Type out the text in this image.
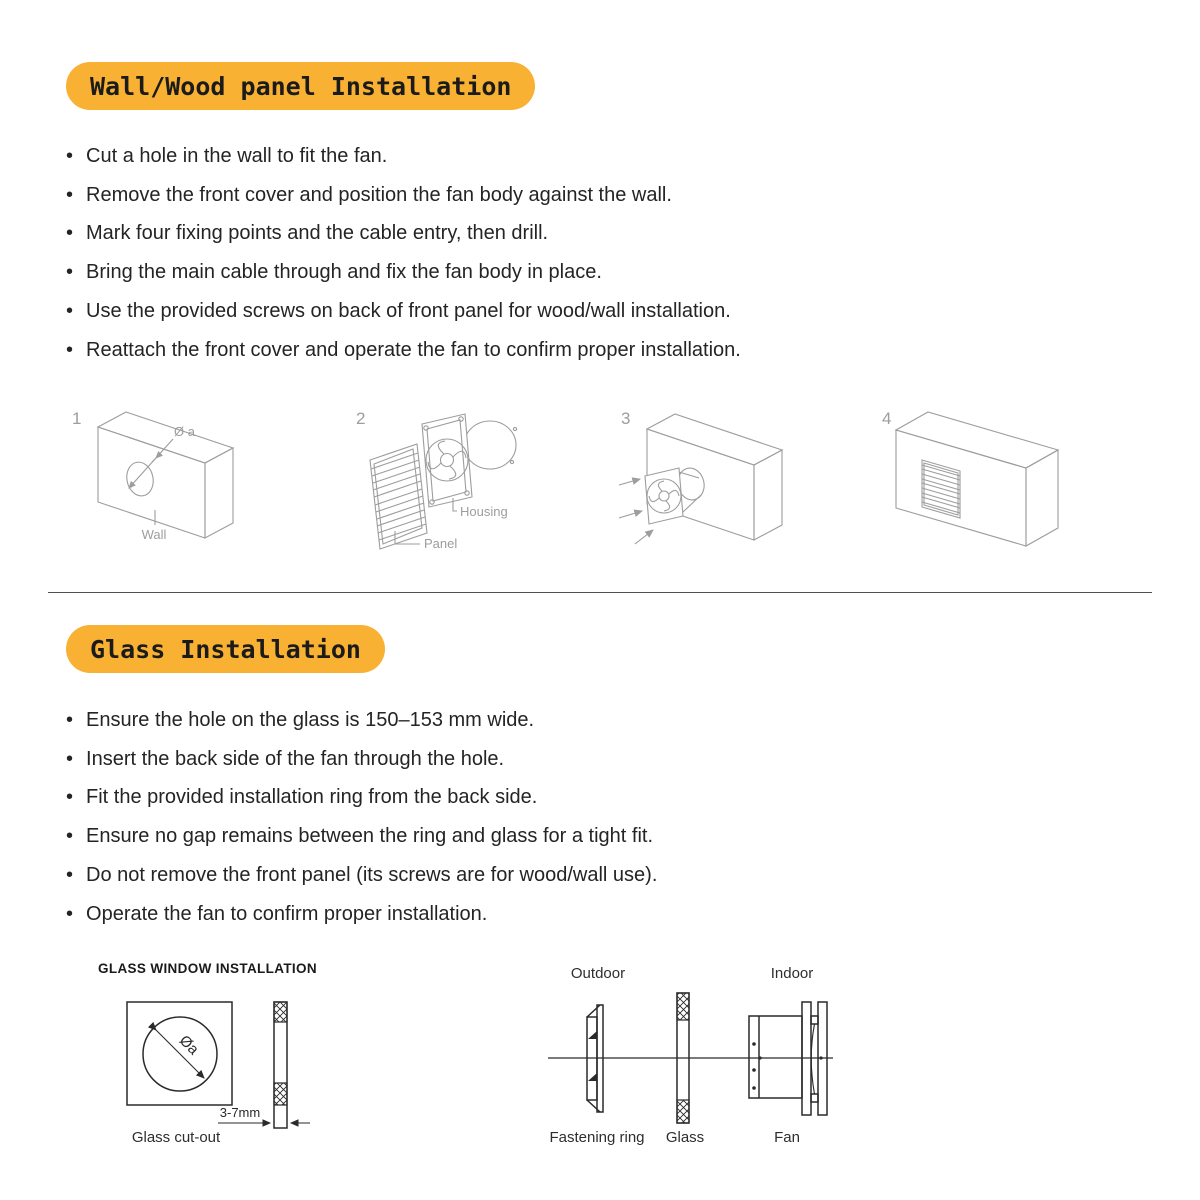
Wall/Wood panel Installation
• Cut a hole in the wall to fit the fan.
• Remove the front cover and position the fan body against the wall.
• Mark four fixing points and the cable entry, then drill.
• Bring the main cable through and fix the fan body in place.
• Use the provided screws on back of front panel for wood/wall installation.
• Reattach the front cover and operate the fan to confirm proper installation.
1
Ø a
Wall
2
Housing
Panel
3	4
Glass Installation
• Ensure the hole on the glass is 150–153 mm wide.
• Insert the back side of the fan through the hole.
• Fit the provided installation ring from the back side.
• Ensure no gap remains between the ring and glass for a tight fit.
• Do not remove the front panel (its screws are for wood/wall use).
• Operate the fan to confirm proper installation.
GLASS WINDOW INSTALLATION
Øa
3-7mm
Glass cut-out
Outdoor	Indoor
Fastening ring	Glass	Fan
